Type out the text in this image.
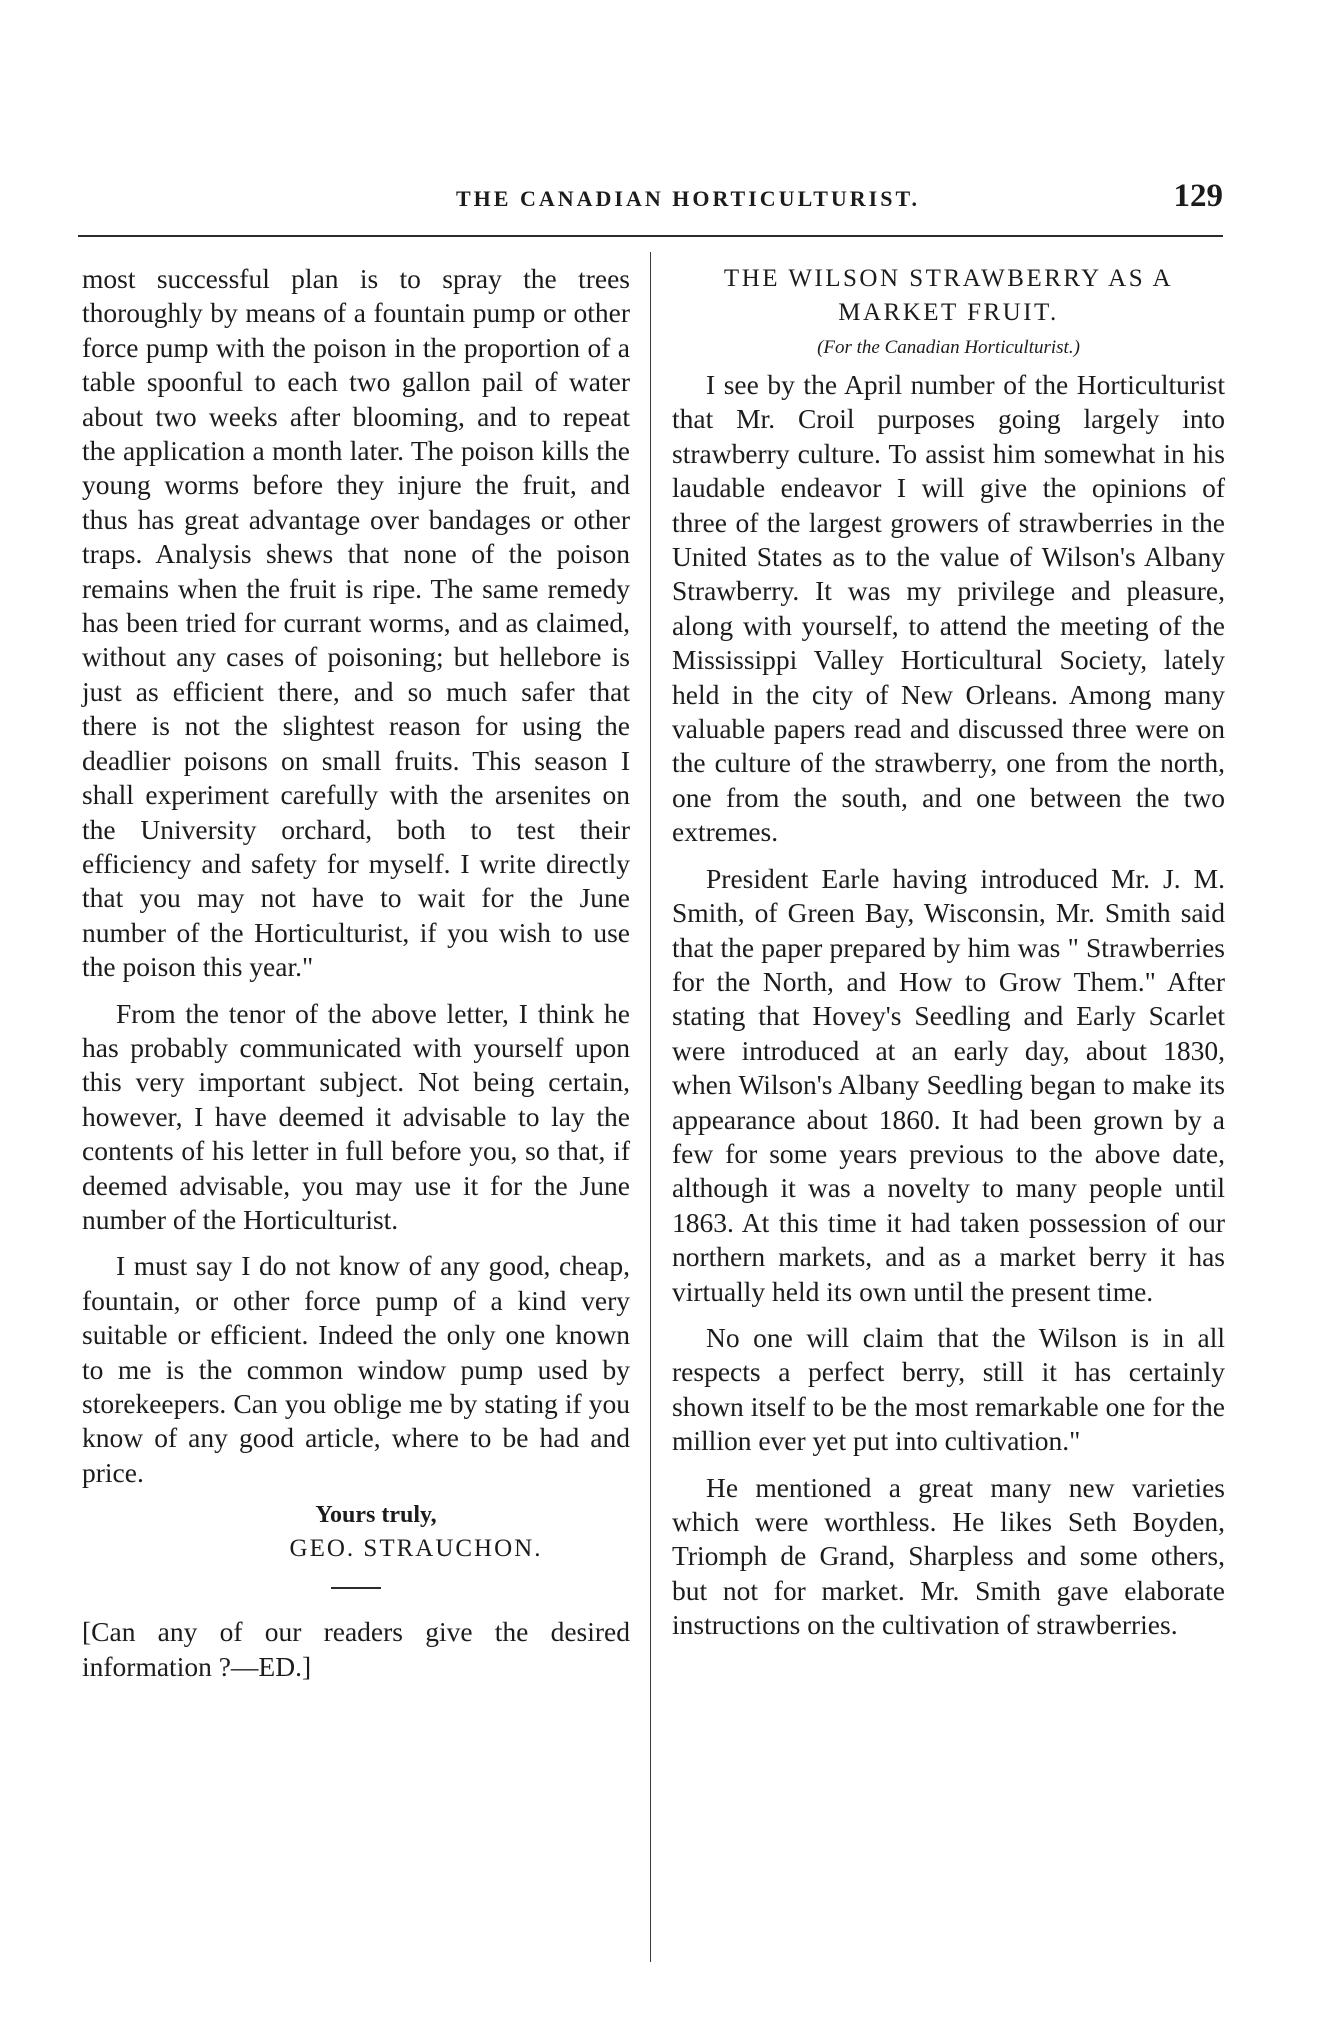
THE CANADIAN HORTICULTURIST.	129

most successful plan is to spray the trees thoroughly by means of a fountain pump or other force pump with the poison in the proportion of a table spoonful to each two gallon pail of water about two weeks after blooming, and to repeat the application a month later. The poison kills the young worms before they injure the fruit, and thus has great advantage over bandages or other traps. Analysis shews that none of the poison remains when the fruit is ripe. The same remedy has been tried for currant worms, and as claimed, without any cases of poisoning; but hellebore is just as efficient there, and so much safer that there is not the slightest reason for using the deadlier poisons on small fruits. This season I shall experiment carefully with the arsenites on the University orchard, both to test their efficiency and safety for myself. I write directly that you may not have to wait for the June number of the Horticulturist, if you wish to use the poison this year."

From the tenor of the above letter, I think he has probably communicated with yourself upon this very important subject. Not being certain, however, I have deemed it advisable to lay the contents of his letter in full before you, so that, if deemed advisable, you may use it for the June number of the Horticulturist.

I must say I do not know of any good, cheap, fountain, or other force pump of a kind very suitable or efficient. Indeed the only one known to me is the common window pump used by storekeepers. Can you oblige me by stating if you know of any good article, where to be had and price.

Yours truly,
GEO. STRAUCHON.
[Can any of our readers give the desired information ?—ED.]
THE WILSON STRAWBERRY AS A MARKET FRUIT.
(For the Canadian Horticulturist.)

I see by the April number of the Horticulturist that Mr. Croil purposes going largely into strawberry culture. To assist him somewhat in his laudable endeavor I will give the opinions of three of the largest growers of strawberries in the United States as to the value of Wilson's Albany Strawberry. It was my privilege and pleasure, along with yourself, to attend the meeting of the Mississippi Valley Horticultural Society, lately held in the city of New Orleans. Among many valuable papers read and discussed three were on the culture of the strawberry, one from the north, one from the south, and one between the two extremes.

President Earle having introduced Mr. J. M. Smith, of Green Bay, Wisconsin, Mr. Smith said that the paper prepared by him was " Strawberries for the North, and How to Grow Them." After stating that Hovey's Seedling and Early Scarlet were introduced at an early day, about 1830, when Wilson's Albany Seedling began to make its appearance about 1860. It had been grown by a few for some years previous to the above date, although it was a novelty to many people until 1863. At this time it had taken possession of our northern markets, and as a market berry it has virtually held its own until the present time.

No one will claim that the Wilson is in all respects a perfect berry, still it has certainly shown itself to be the most remarkable one for the million ever yet put into cultivation."

He mentioned a great many new varieties which were worthless. He likes Seth Boyden, Triomph de Grand, Sharpless and some others, but not for market. Mr. Smith gave elaborate instructions on the cultivation of strawberries.
